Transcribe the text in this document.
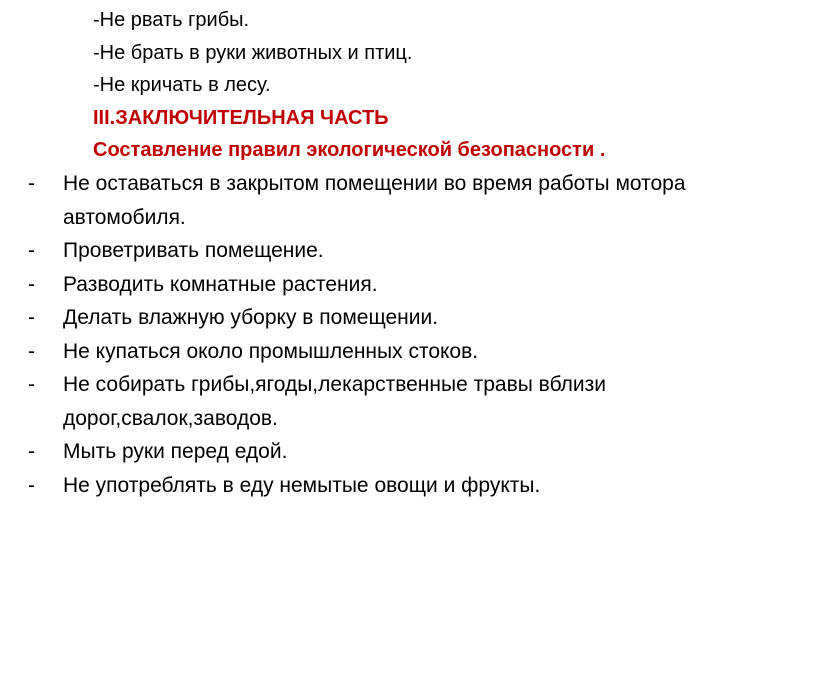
-Не рвать грибы.
-Не брать в руки животных и птиц.
-Не кричать в лесу.
III.ЗАКЛЮЧИТЕЛЬНАЯ ЧАСТЬ
Составление правил экологической безопасности .
-	Не оставаться в закрытом помещении во время работы мотора автомобиля.
-	Проветривать помещение.
-	Разводить комнатные растения.
-	Делать влажную уборку в помещении.
-	Не купаться около промышленных стоков.
-	Не собирать грибы,ягоды,лекарственные травы вблизи дорог,свалок,заводов.
-	Мыть руки перед едой.
-	Не употреблять в еду немытые овощи и фрукты.
